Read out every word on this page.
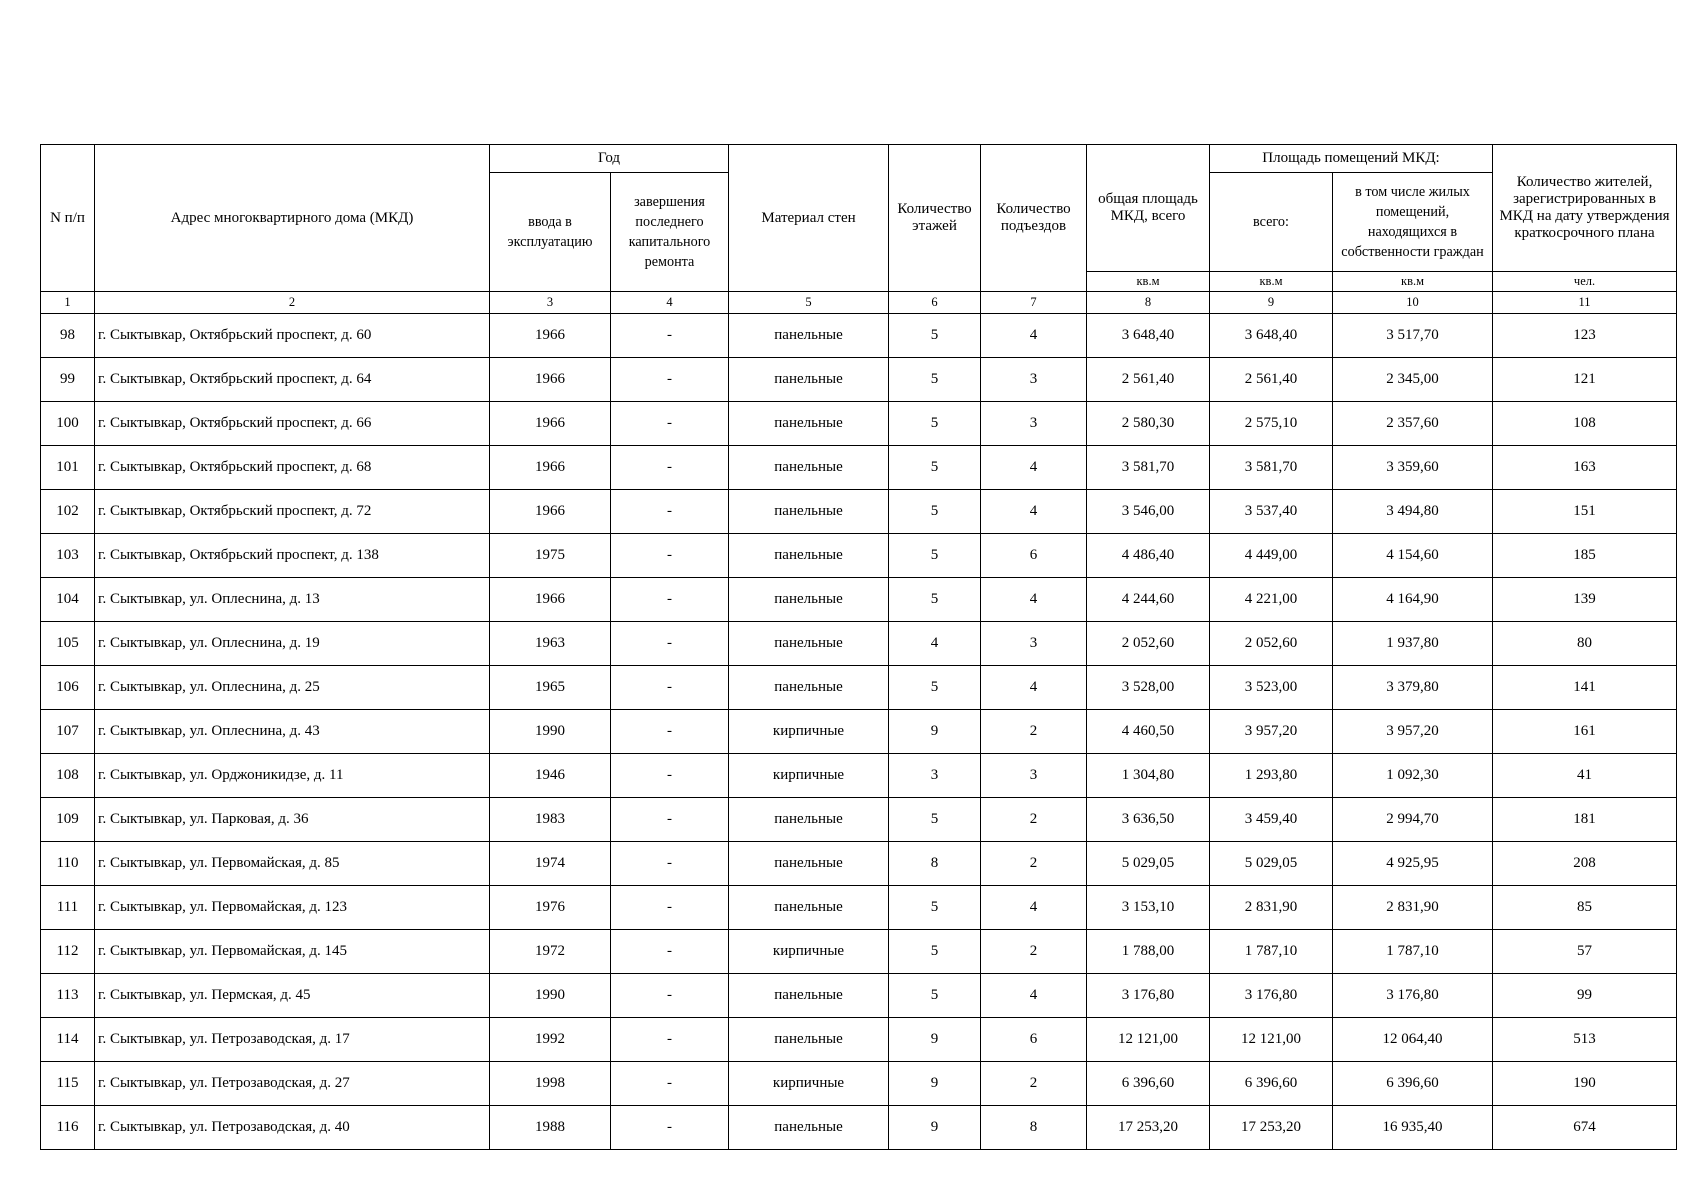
N п/п	Адрес многоквартирного дома (МКД)	Год		Материал стен	Количество этажей	Количество подъездов	общая площадь МКД, всего	Площадь помещений МКД:		Количество жителей, зарегистрированных в МКД на дату утверждения краткосрочного плана
		ввода в эксплуатацию	завершения последнего капитального ремонта					всего:	в том числе жилых помещений, находящихся в собственности граждан	
							кв.м	кв.м	кв.м	чел.
1	2	3	4	5	6	7	8	9	10	11
98	г. Сыктывкар, Октябрьский проспект, д. 60	1966	-	панельные	5	4	3 648,40	3 648,40	3 517,70	123
99	г. Сыктывкар, Октябрьский проспект, д. 64	1966	-	панельные	5	3	2 561,40	2 561,40	2 345,00	121
100	г. Сыктывкар, Октябрьский проспект, д. 66	1966	-	панельные	5	3	2 580,30	2 575,10	2 357,60	108
101	г. Сыктывкар, Октябрьский проспект, д. 68	1966	-	панельные	5	4	3 581,70	3 581,70	3 359,60	163
102	г. Сыктывкар, Октябрьский проспект, д. 72	1966	-	панельные	5	4	3 546,00	3 537,40	3 494,80	151
103	г. Сыктывкар, Октябрьский проспект, д. 138	1975	-	панельные	5	6	4 486,40	4 449,00	4 154,60	185
104	г. Сыктывкар, ул. Оплеснина, д. 13	1966	-	панельные	5	4	4 244,60	4 221,00	4 164,90	139
105	г. Сыктывкар, ул. Оплеснина, д. 19	1963	-	панельные	4	3	2 052,60	2 052,60	1 937,80	80
106	г. Сыктывкар, ул. Оплеснина, д. 25	1965	-	панельные	5	4	3 528,00	3 523,00	3 379,80	141
107	г. Сыктывкар, ул. Оплеснина, д. 43	1990	-	кирпичные	9	2	4 460,50	3 957,20	3 957,20	161
108	г. Сыктывкар, ул. Орджоникидзе, д. 11	1946	-	кирпичные	3	3	1 304,80	1 293,80	1 092,30	41
109	г. Сыктывкар, ул. Парковая, д. 36	1983	-	панельные	5	2	3 636,50	3 459,40	2 994,70	181
110	г. Сыктывкар, ул. Первомайская, д. 85	1974	-	панельные	8	2	5 029,05	5 029,05	4 925,95	208
111	г. Сыктывкар, ул. Первомайская, д. 123	1976	-	панельные	5	4	3 153,10	2 831,90	2 831,90	85
112	г. Сыктывкар, ул. Первомайская, д. 145	1972	-	кирпичные	5	2	1 788,00	1 787,10	1 787,10	57
113	г. Сыктывкар, ул. Пермская, д. 45	1990	-	панельные	5	4	3 176,80	3 176,80	3 176,80	99
114	г. Сыктывкар, ул. Петрозаводская, д. 17	1992	-	панельные	9	6	12 121,00	12 121,00	12 064,40	513
115	г. Сыктывкар, ул. Петрозаводская, д. 27	1998	-	кирпичные	9	2	6 396,60	6 396,60	6 396,60	190
116	г. Сыктывкар, ул. Петрозаводская, д. 40	1988	-	панельные	9	8	17 253,20	17 253,20	16 935,40	674
